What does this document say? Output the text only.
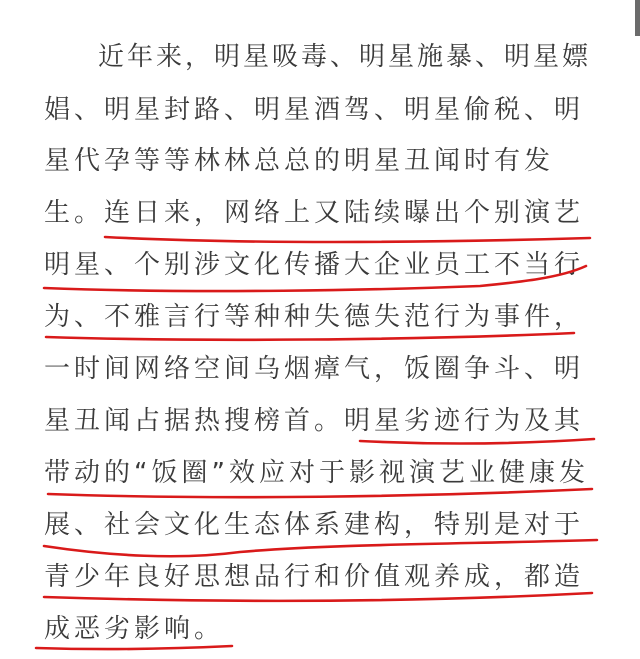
近年来，明星吸毒、明星施暴、明星嫖
娼、明星封路、明星酒驾、明星偷税、明
星代孕等等林林总总的明星丑闻时有发
生。连日来，网络上又陆续曝出个别演艺
明星、个别涉文化传播大企业员工不当行
为、不雅言行等种种失德失范行为事件，
一时间网络空间乌烟瘴气，饭圈争斗、明
星丑闻占据热搜榜首。明星劣迹行为及其
带动的“饭圈”效应对于影视演艺业健康发
展、社会文化生态体系建构，特别是对于
青少年良好思想品行和价值观养成，都造
成恶劣影响。
